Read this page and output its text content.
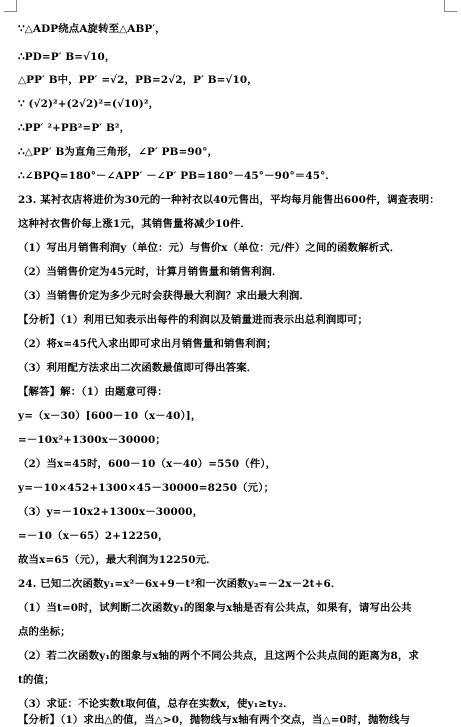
∵△ADP绕点A旋转至△ABP′，
∴PD=P′ B=√10，
△PP′ B中，PP′ =√2，PB=2√2，P′ B=√10，
∵ (√2)²+(2√2)²=(√10)²，
∴PP′ ²+PB²=P′ B²，
∴△PP′ B为直角三角形，∠P′ PB=90°，
∴∠BPQ=180°－∠APP′ －∠P′ PB=180°－45°－90°＝45°．
23. 某衬衣店将进价为30元的一种衬衣以40元售出，平均每月能售出600件，调查表明：
这种衬衣售价每上涨1元，其销售量将减少10件．
（1）写出月销售利润y（单位：元）与售价x（单位：元/件）之间的函数解析式．
（2）当销售价定为45元时，计算月销售量和销售利润．
（3）当销售价定为多少元时会获得最大利润？求出最大利润．
【分析】（1）利用已知表示出每件的利润以及销量进而表示出总利润即可；
（2）将x=45代入求出即可求出月销售量和销售利润；
（3）利用配方法求出二次函数最值即可得出答案．
【解答】解：（1）由题意可得：
y=（x－30）[600－10（x－40）]，
=－10x²+1300x－30000；
（2）当x=45时，600－10（x－40）=550（件），
y=－10×452+1300×45－30000=8250（元）；
（3）y=－10x2+1300x－30000，
=－10（x－65）2+12250，
故当x=65（元），最大利润为12250元．
24. 已知二次函数y₁=x²－6x+9－t²和一次函数y₂=－2x－2t+6．
（1）当t=0时，试判断二次函数y₁的图象与x轴是否有公共点，如果有，请写出公共
点的坐标；
（2）若二次函数y₁的图象与x轴的两个不同公共点，且这两个公共点间的距离为8，求
t的值；
（3）求证：不论实数t取何值，总存在实数x，使y₁≥ty₂．
【分析】（1）求出△的值，当△>0，抛物线与x轴有两个交点，当△=0时，抛物线与
